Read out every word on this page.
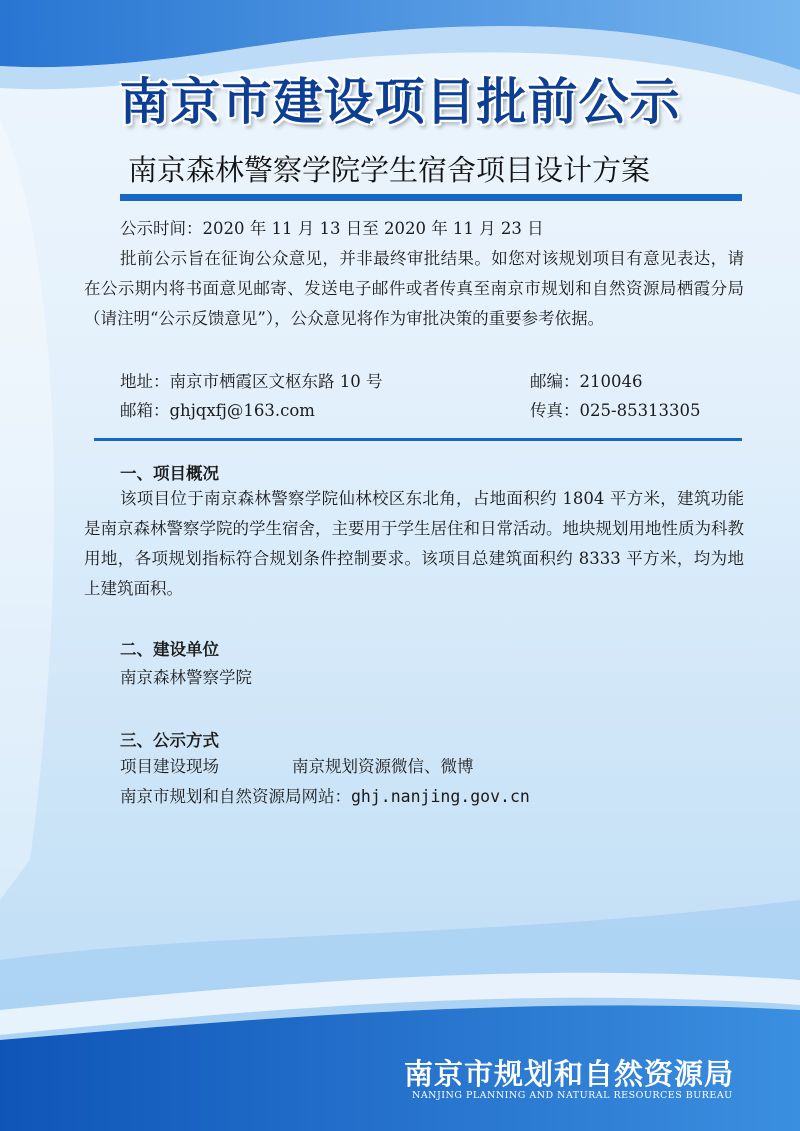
南京市建设项目批前公示
南京森林警察学院学生宿舍项目设计方案
公示时间：2020 年 11 月 13 日至 2020 年 11 月 23 日
批前公示旨在征询公众意见，并非最终审批结果。如您对该规划项目有意见表达，请在公示期内将书面意见邮寄、发送电子邮件或者传真至南京市规划和自然资源局栖霞分局（请注明“公示反馈意见”），公众意见将作为审批决策的重要参考依据。
地址：南京市栖霞区文枢东路 10 号	邮编：210046
邮箱：ghjqxfj@163.com	传真：025-85313305
一、项目概况
该项目位于南京森林警察学院仙林校区东北角，占地面积约 1804 平方米，建筑功能是南京森林警察学院的学生宿舍，主要用于学生居住和日常活动。地块规划用地性质为科教用地，各项规划指标符合规划条件控制要求。该项目总建筑面积约 8333 平方米，均为地上建筑面积。
二、建设单位
南京森林警察学院
三、公示方式
项目建设现场	南京规划资源微信、微博
南京市规划和自然资源局网站：ghj.nanjing.gov.cn
南京市规划和自然资源局
NANJING PLANNING AND NATURAL RESOURCES BUREAU
